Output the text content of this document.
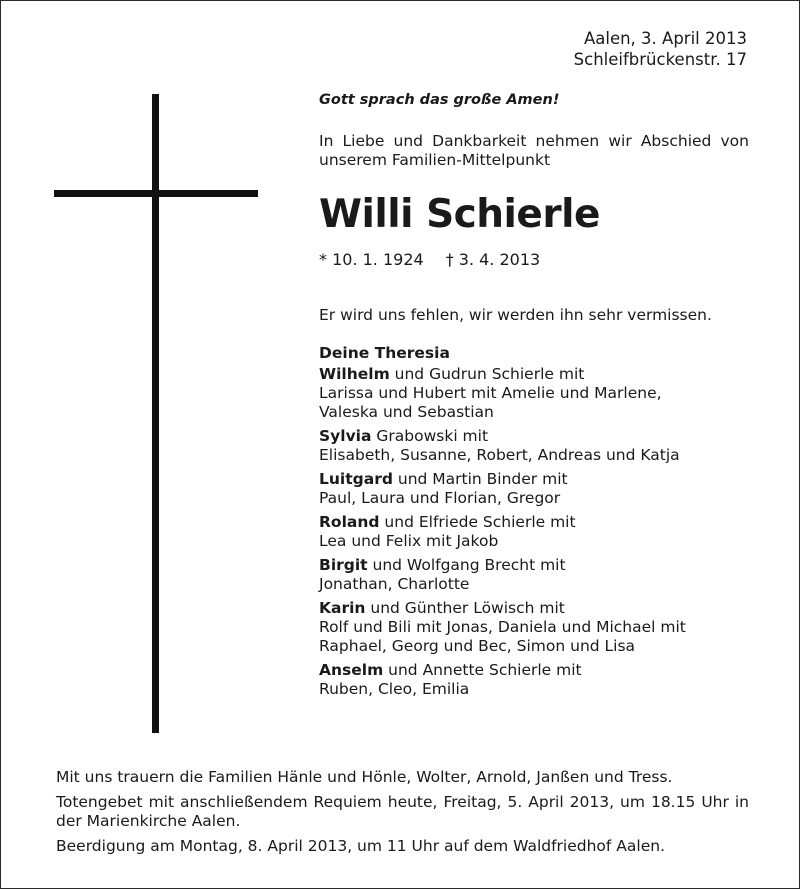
Aalen, 3. April 2013
Schleifbrückenstr. 17

Gott sprach das große Amen!

In Liebe und Dankbarkeit nehmen wir Abschied von unserem Familien-Mittelpunkt

Willi Schierle
* 10. 1. 1924 † 3. 4. 2013

Er wird uns fehlen, wir werden ihn sehr vermissen.

Deine Theresia

Wilhelm und Gudrun Schierle mit
Larissa und Hubert mit Amelie und Marlene,
Valeska und Sebastian
Sylvia Grabowski mit
Elisabeth, Susanne, Robert, Andreas und Katja
Luitgard und Martin Binder mit
Paul, Laura und Florian, Gregor
Roland und Elfriede Schierle mit
Lea und Felix mit Jakob
Birgit und Wolfgang Brecht mit
Jonathan, Charlotte
Karin und Günther Löwisch mit
Rolf und Bili mit Jonas, Daniela und Michael mit
Raphael, Georg und Bec, Simon und Lisa
Anselm und Annette Schierle mit
Ruben, Cleo, Emilia

Mit uns trauern die Familien Hänle und Hönle, Wolter, Arnold, Janßen und Tress.

Totengebet mit anschließendem Requiem heute, Freitag, 5. April 2013, um 18.15 Uhr in der Marienkirche Aalen.

Beerdigung am Montag, 8. April 2013, um 11 Uhr auf dem Waldfriedhof Aalen.
